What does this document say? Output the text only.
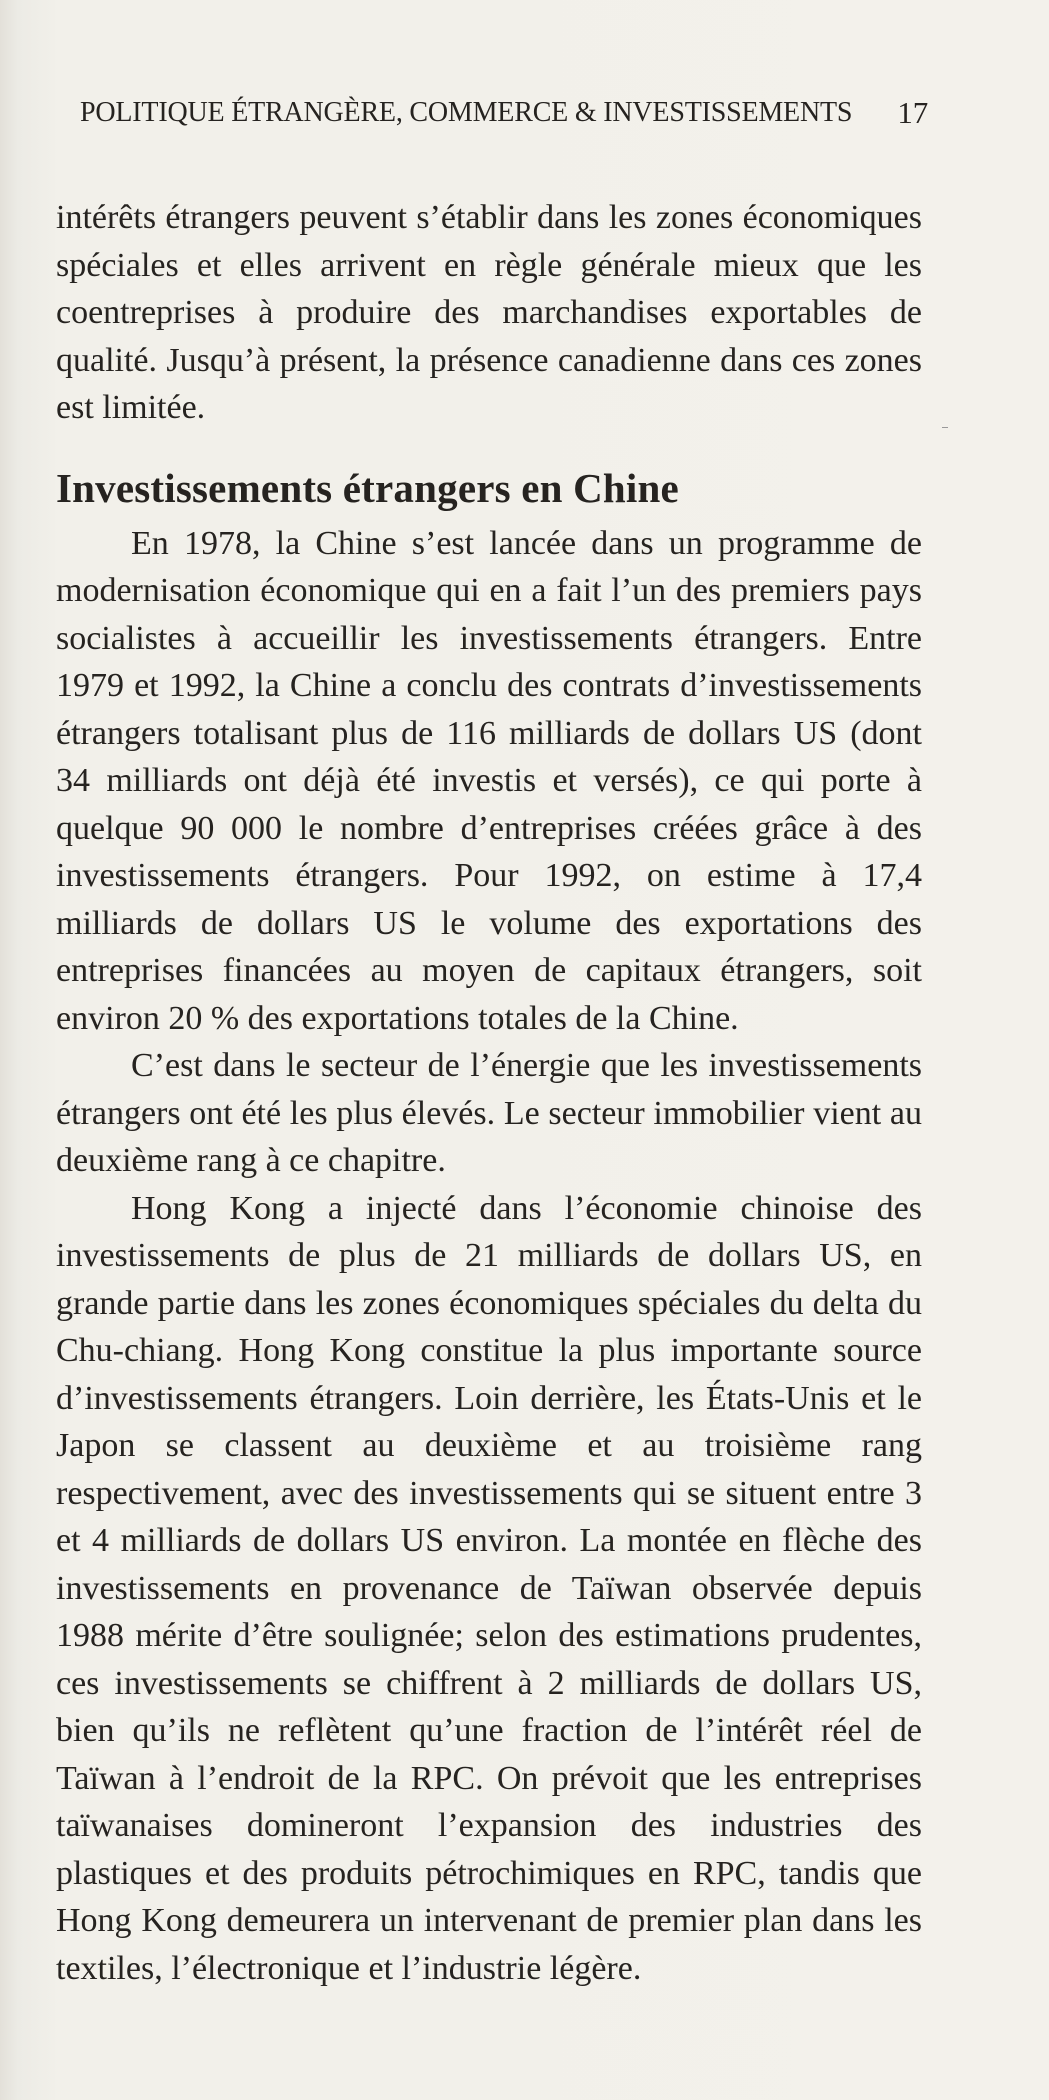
POLITIQUE ÉTRANGÈRE, COMMERCE & INVESTISSEMENTS 17

intérêts étrangers peuvent s’établir dans les zones économiques spéciales et elles arrivent en règle générale mieux que les coentreprises à produire des marchandises exportables de qualité. Jusqu’à présent, la présence canadienne dans ces zones est limitée.

Investissements étrangers en Chine

En 1978, la Chine s’est lancée dans un programme de modernisation économique qui en a fait l’un des premiers pays socialistes à accueillir les investissements étrangers. Entre 1979 et 1992, la Chine a conclu des contrats d’investissements étrangers totalisant plus de 116 milliards de dollars US (dont 34 milliards ont déjà été investis et versés), ce qui porte à quelque 90 000 le nombre d’entreprises créées grâce à des investissements étrangers. Pour 1992, on estime à 17,4 milliards de dollars US le volume des exportations des entreprises financées au moyen de capitaux étrangers, soit environ 20 % des exportations totales de la Chine.

C’est dans le secteur de l’énergie que les investissements étrangers ont été les plus élevés. Le secteur immobilier vient au deuxième rang à ce chapitre.

Hong Kong a injecté dans l’économie chinoise des investissements de plus de 21 milliards de dollars US, en grande partie dans les zones économiques spéciales du delta du Chu-chiang. Hong Kong constitue la plus importante source d’investissements étrangers. Loin derrière, les États-Unis et le Japon se classent au deuxième et au troisième rang respectivement, avec des investissements qui se situent entre 3 et 4 milliards de dollars US environ. La montée en flèche des investissements en provenance de Taïwan observée depuis 1988 mérite d’être soulignée; selon des estimations prudentes, ces investissements se chiffrent à 2 milliards de dollars US, bien qu’ils ne reflètent qu’une fraction de l’intérêt réel de Taïwan à l’endroit de la RPC. On prévoit que les entreprises taïwanaises domineront l’expansion des industries des plastiques et des produits pétrochimiques en RPC, tandis que Hong Kong demeurera un intervenant de premier plan dans les textiles, l’électronique et l’industrie légère.
